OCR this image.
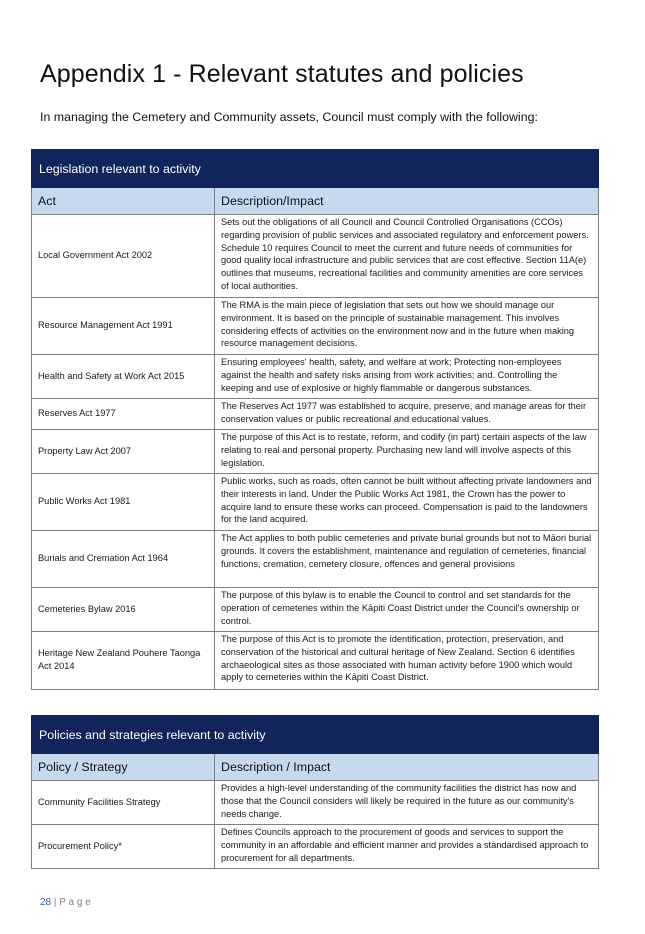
Appendix 1 - Relevant statutes and policies
In managing the Cemetery and Community assets, Council must comply with the following:
Legislation relevant to activity	
Act	Description/Impact
Local Government Act 2002	Sets out the obligations of all Council and Council Controlled Organisations (CCOs) regarding provision of public services and associated regulatory and enforcement powers. Schedule 10 requires Council to meet the current and future needs of communities for good quality local infrastructure and public services that are cost effective. Section 11A(e) outlines that museums, recreational facilities and community amenities are core services of local authorities.
Resource Management Act 1991	The RMA is the main piece of legislation that sets out how we should manage our environment. It is based on the principle of sustainable management. This involves considering effects of activities on the environment now and in the future when making resource management decisions.
Health and Safety at Work Act 2015	Ensuring employees' health, safety, and welfare at work; Protecting non-employees against the health and safety risks arising from work activities; and. Controlling the keeping and use of explosive or highly flammable or dangerous substances.
Reserves Act 1977	The Reserves Act 1977 was established to acquire, preserve, and manage areas for their conservation values or public recreational and educational values.
Property Law Act 2007	The purpose of this Act is to restate, reform, and codify (in part) certain aspects of the law relating to real and personal property. Purchasing new land will involve aspects of this legislation.
Public Works Act 1981	Public works, such as roads, often cannot be built without affecting private landowners and their interests in land. Under the Public Works Act 1981, the Crown has the power to acquire land to ensure these works can proceed. Compensation is paid to the landowners for the land acquired.
Burials and Cremation Act 1964	The Act applies to both public cemeteries and private burial grounds but not to Māori burial grounds. It covers the establishment, maintenance and regulation of cemeteries, financial functions, cremation, cemetery closure, offences and general provisions
Cemeteries Bylaw 2016	The purpose of this bylaw is to enable the Council to control and set standards for the operation of cemeteries within the Kāpiti Coast District under the Council's ownership or control.
Heritage New Zealand Pouhere Taonga Act 2014	The purpose of this Act is to promote the identification, protection, preservation, and conservation of the historical and cultural heritage of New Zealand. Section 6 identifies archaeological sites as those associated with human activity before 1900 which would apply to cemeteries within the Kāpiti Coast District.
Policies and strategies relevant to activity	
Policy / Strategy	Description / Impact
Community Facilities Strategy	Provides a high-level understanding of the community facilities the district has now and those that the Council considers will likely be required in the future as our community's needs change.
Procurement Policy*	Defines Councils approach to the procurement of goods and services to support the community in an affordable and efficient manner and provides a standardised approach to procurement for all departments.
28 | P a g e
